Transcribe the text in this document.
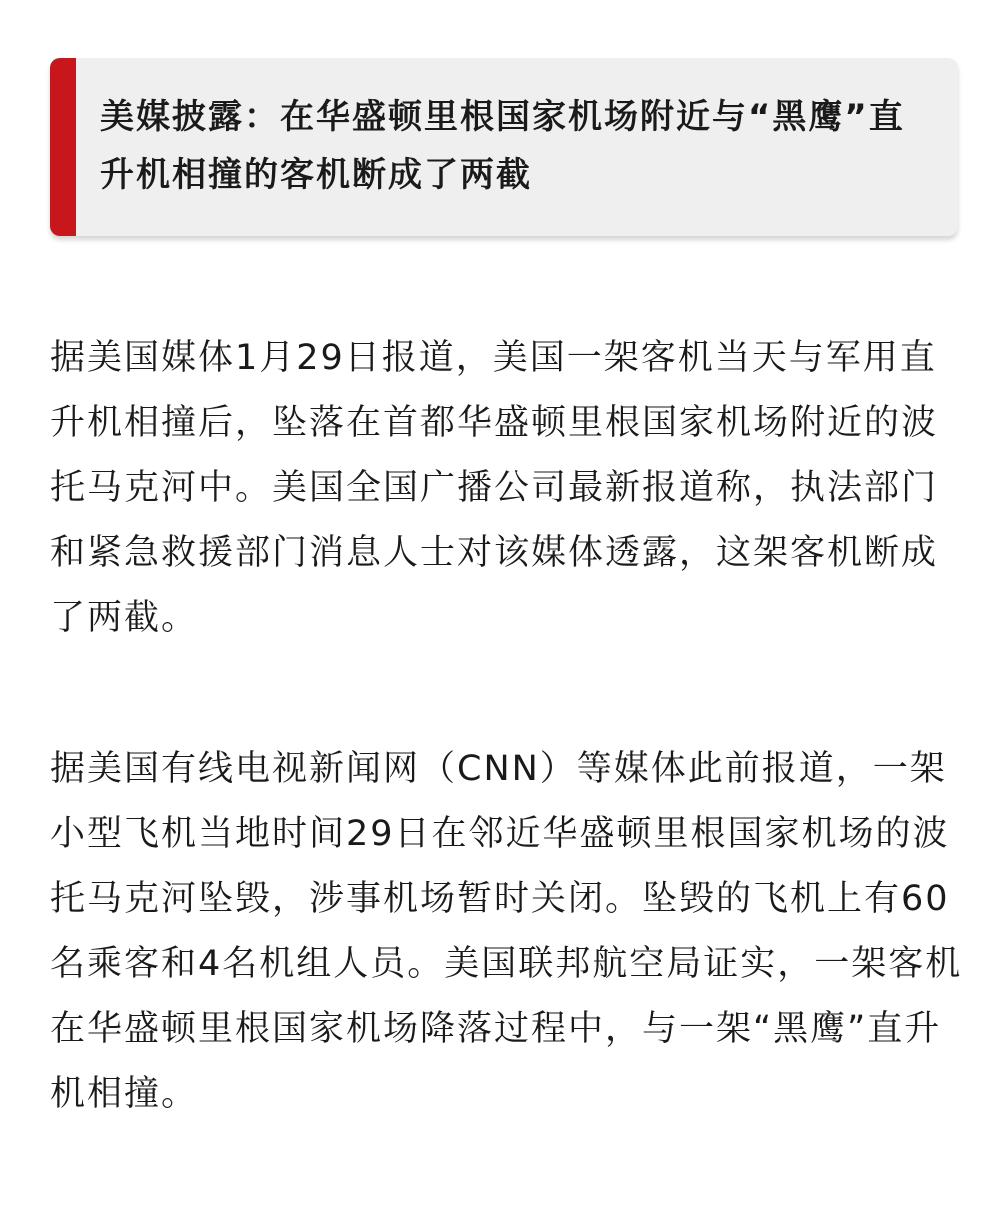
美媒披露：在华盛顿里根国家机场附近与“黑鹰”直升机相撞的客机断成了两截

据美国媒体1月29日报道，美国一架客机当天与军用直升机相撞后，坠落在首都华盛顿里根国家机场附近的波托马克河中。美国全国广播公司最新报道称，执法部门和紧急救援部门消息人士对该媒体透露，这架客机断成了两截。

据美国有线电视新闻网（CNN）等媒体此前报道，一架小型飞机当地时间29日在邻近华盛顿里根国家机场的波托马克河坠毁，涉事机场暂时关闭。坠毁的飞机上有60名乘客和4名机组人员。美国联邦航空局证实，一架客机在华盛顿里根国家机场降落过程中，与一架“黑鹰”直升机相撞。
